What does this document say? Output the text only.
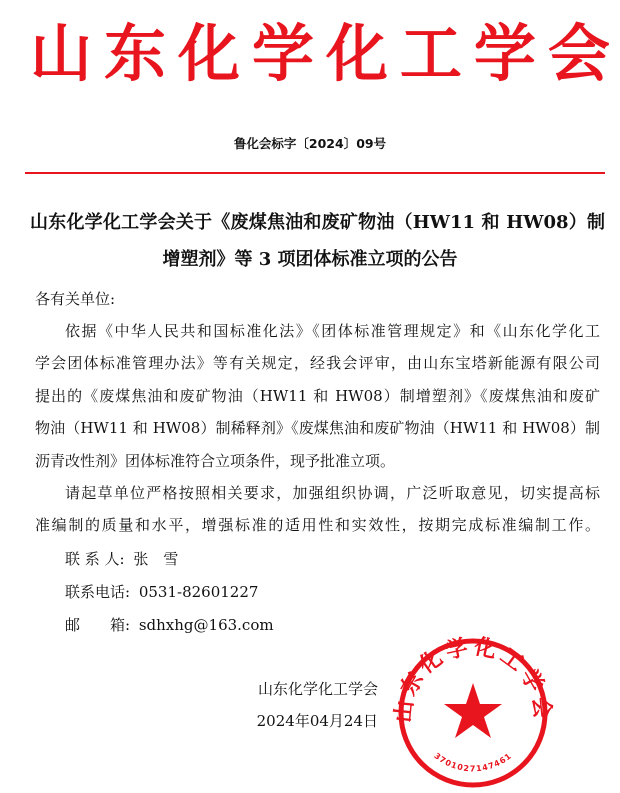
山 东 化 学 化 工 学 会
鲁化会标字〔2024〕09号
山东化学化工学会关于《废煤焦油和废矿物油（HW11 和 HW08）制
增塑剂》等 3 项团体标准立项的公告
各有关单位:
依据《中华人民共和国标准化法》《团体标准管理规定》和《山东化学化工
学会团体标准管理办法》等有关规定，经我会评审，由山东宝塔新能源有限公司
提出的《废煤焦油和废矿物油（HW11 和 HW08）制增塑剂》《废煤焦油和废矿
物油（HW11 和 HW08）制稀释剂》《废煤焦油和废矿物油（HW11 和 HW08）制
沥青改性剂》团体标准符合立项条件，现予批准立项。
请起草单位严格按照相关要求，加强组织协调，广泛听取意见，切实提高标
准编制的质量和水平，增强标准的适用性和实效性，按期完成标准编制工作。
联 系 人: 张　雪
联系电话: 0531-82601227
邮　　箱: sdhxhg@163.com
山东化学化工学会
3701027147461
山东化学化工学会
2024年04月24日
